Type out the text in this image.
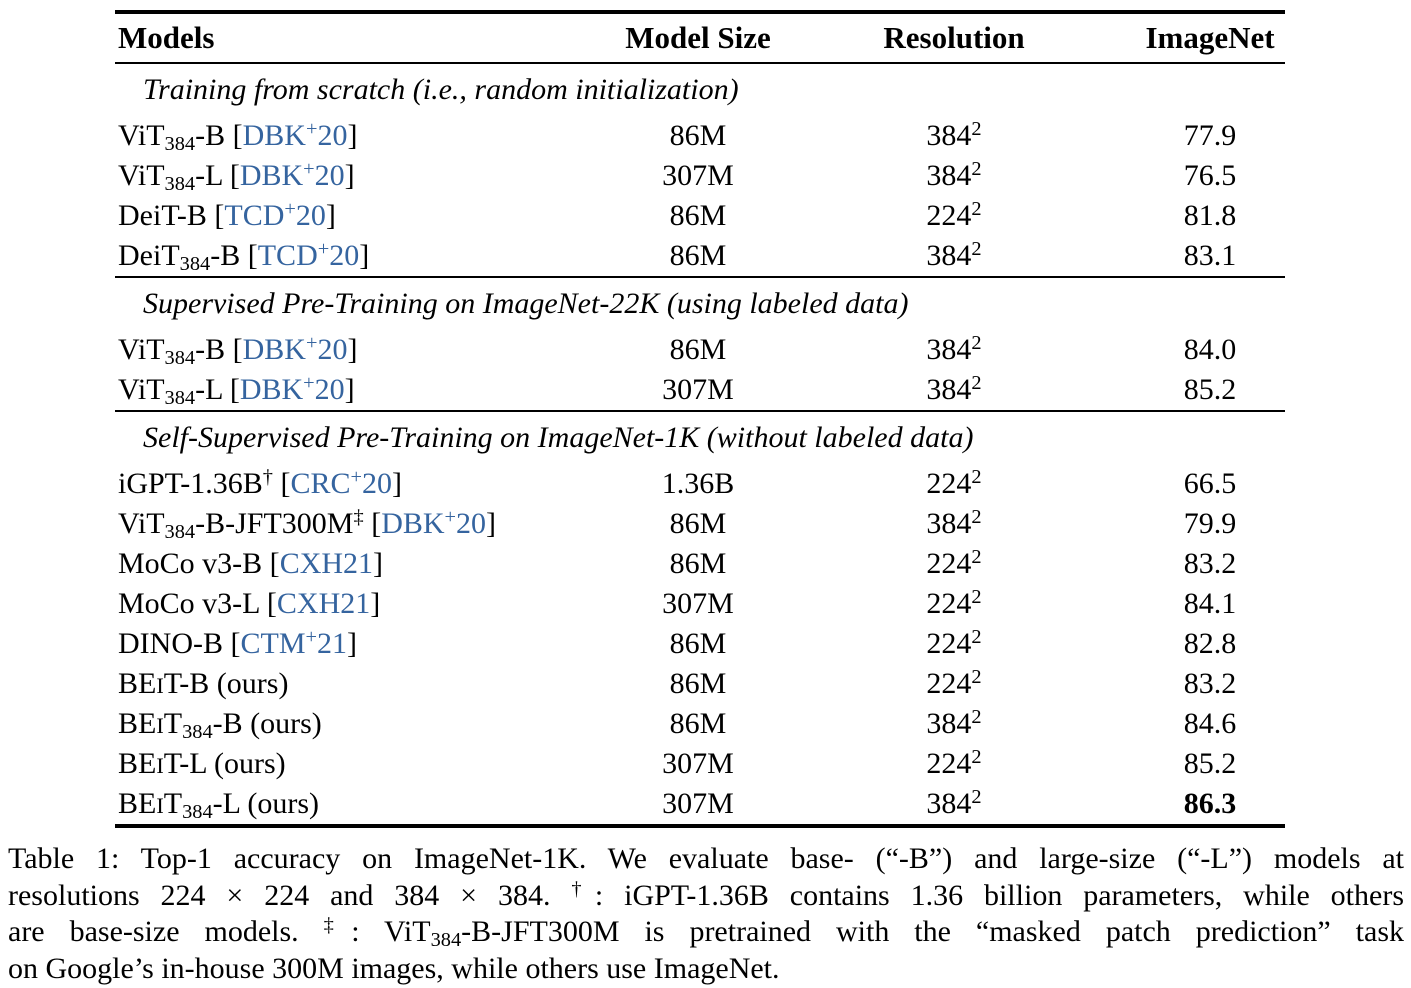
Models	Model Size	Resolution	ImageNet
Training from scratch (i.e., random initialization)
ViT$_{384}$-B [DBK+20]	86M	$384^2$	77.9
ViT$_{384}$-L [DBK+20]	307M	$384^2$	76.5
DeiT-B [TCD+20]	86M	$224^2$	81.8
DeiT$_{384}$-B [TCD+20]	86M	$384^2$	83.1
Supervised Pre-Training on ImageNet-22K (using labeled data)
ViT$_{384}$-B [DBK+20]	86M	$384^2$	84.0
ViT$_{384}$-L [DBK+20]	307M	$384^2$	85.2
Self-Supervised Pre-Training on ImageNet-1K (without labeled data)
iGPT-1.36B† [CRC+20]	1.36B	$224^2$	66.5
ViT$_{384}$-B-JFT300M‡ [DBK+20]	86M	$384^2$	79.9
MoCo v3-B [CXH21]	86M	$224^2$	83.2
MoCo v3-L [CXH21]	307M	$224^2$	84.1
DINO-B [CTM+21]	86M	$224^2$	82.8
BEIT-B (ours)	86M	$224^2$	83.2
$BEIT_{384}-B$ (ours)	86M	$384^2$	84.6
BEIT-L (ours)	307M	$224^2$	85.2
$BEIT_{384}-L$ (ours)	307M	$384^2$	86.3
Table 1: Top-1 accuracy on ImageNet-1K. We evaluate base- (“-B”) and large-size (“-L”) models at
resolutions 224 × 224 and 384 × 384. †: iGPT-1.36B contains 1.36 billion parameters, while others
are base-size models. ‡: ViT$_{384}$-B-JFT300M is pretrained with the “masked patch prediction” task
on Google’s in-house 300M images, while others use ImageNet.
